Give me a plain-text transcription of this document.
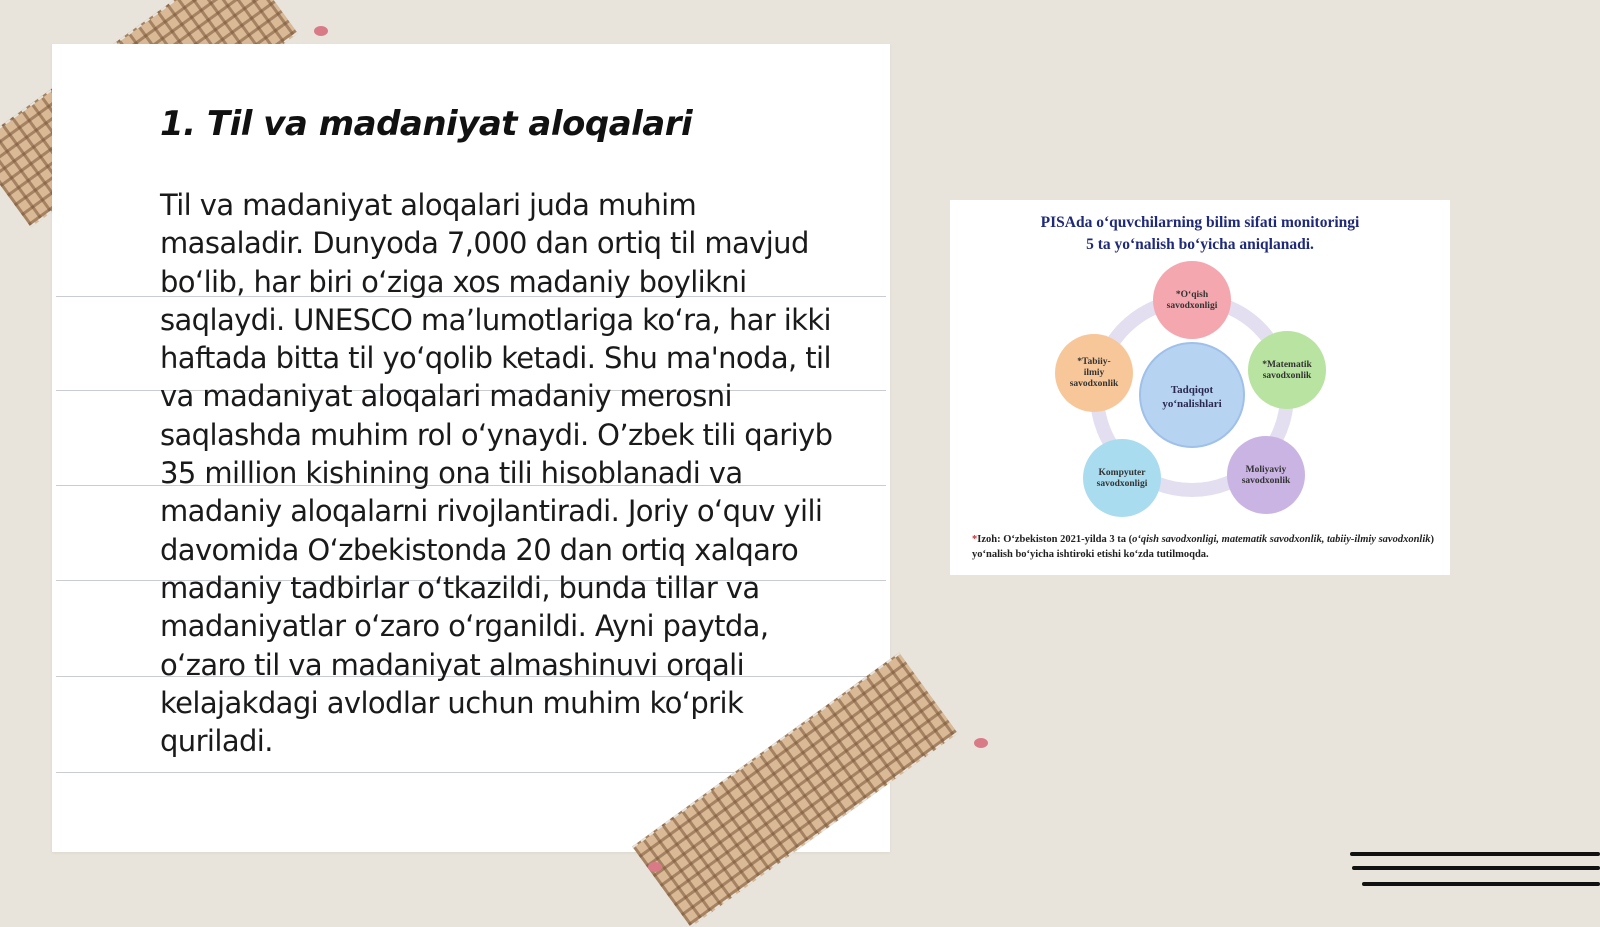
1. Til va madaniyat aloqalari

Til va madaniyat aloqalari juda muhim masaladir. Dunyoda 7,000 dan ortiq til mavjud bo‘lib, har biri o‘ziga xos madaniy boylikni saqlaydi. UNESCO ma’lumotlariga ko‘ra, har ikki haftada bitta til yo‘qolib ketadi. Shu ma'noda, til va madaniyat aloqalari madaniy merosni saqlashda muhim rol o‘ynaydi. O’zbek tili qariyb 35 million kishining ona tili hisoblanadi va madaniy aloqalarni rivojlantiradi. Joriy o‘quv yili davomida O‘zbekistonda 20 dan ortiq xalqaro madaniy tadbirlar o‘tkazildi, bunda tillar va madaniyatlar o‘zaro o‘rganildi. Ayni paytda, o‘zaro til va madaniyat almashinuvi orqali kelajakdagi avlodlar uchun muhim ko‘prik quriladi.

Tadqiqot
yo‘nalishlari
*O‘qish
savodxonligi
*Matematik
savodxonlik
Moliyaviy
savodxonlik
Kompyuter
savodxonligi
*Tabiiy-
ilmiy
savodxonlik
PISAda o‘quvchilarning bilim sifati monitoringi
5 ta yo‘nalish bo‘yicha aniqlanadi.
*Izoh: O‘zbekiston 2021-yilda 3 ta (o‘qish savodxonligi, matematik savodxonlik, tabiiy-ilmiy savodxonlik) yo‘nalish bo‘yicha ishtiroki etishi ko‘zda tutilmoqda.
